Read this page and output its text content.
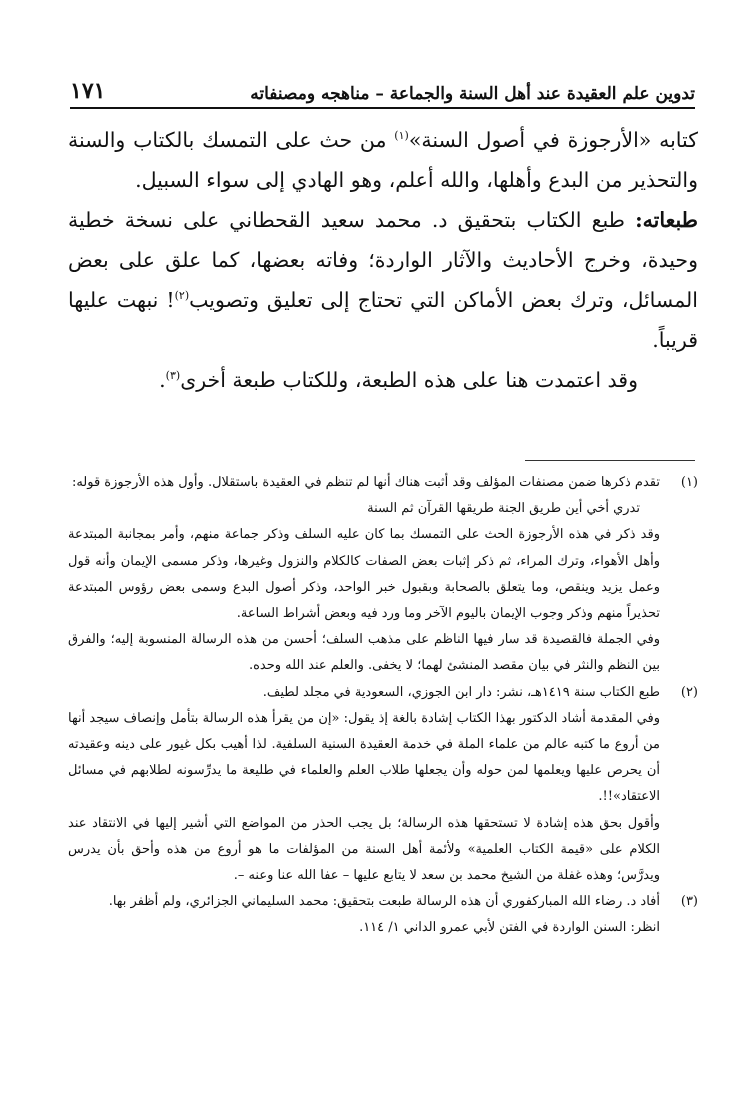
تدوين علم العقيدة عند أهل السنة والجماعة – مناهجه ومصنفاته
١٧١

كتابه «الأرجوزة في أصول السنة»$^{(١)}$ من حث على التمسك بالكتاب والسنة والتحذير من البدع وأهلها، والله أعلم، وهو الهادي إلى سواء السبيل.

طبعاته: طبع الكتاب بتحقيق د. محمد سعيد القحطاني على نسخة خطية وحيدة، وخرج الأحاديث والآثار الواردة؛ وفاته بعضها، كما علق على بعض المسائل، وترك بعض الأماكن التي تحتاج إلى تعليق وتصويب$^{(٢)}$! نبهت عليها قريباً.

وقد اعتمدت هنا على هذه الطبعة، وللكتاب طبعة أخرى$^{(٣)}$.

(١)

تقدم ذكرها ضمن مصنفات المؤلف وقد أثبت هناك أنها لم تنظم في العقيدة باستقلال. وأول هذه الأرجوزة قوله:

تدري أخي أين طريق الجنة طريقها القرآن ثم السنة

وقد ذكر في هذه الأرجوزة الحث على التمسك بما كان عليه السلف وذكر جماعة منهم، وأمر بمجانبة المبتدعة وأهل الأهواء، وترك المراء، ثم ذكر إثبات بعض الصفات كالكلام والنزول وغيرها، وذكر مسمى الإيمان وأنه قول وعمل يزيد وينقص، وما يتعلق بالصحابة وبقبول خبر الواحد، وذكر أصول البدع وسمى بعض رؤوس المبتدعة تحذيراً منهم وذكر وجوب الإيمان باليوم الآخر وما ورد فيه وبعض أشراط الساعة.

وفي الجملة فالقصيدة قد سار فيها الناظم على مذهب السلف؛ أحسن من هذه الرسالة المنسوبة إليه؛ والفرق بين النظم والنثر في بيان مقصد المنشئ لهما؛ لا يخفى. والعلم عند الله وحده.

(٢)

طبع الكتاب سنة ١٤١٩هـ، نشر: دار ابن الجوزي، السعودية في مجلد لطيف.

وفي المقدمة أشاد الدكتور بهذا الكتاب إشادة بالغة إذ يقول: «إن من يقرأ هذه الرسالة بتأمل وإنصاف سيجد أنها من أروع ما كتبه عالم من علماء الملة في خدمة العقيدة السنية السلفية. لذا أهيب بكل غيور على دينه وعقيدته أن يحرص عليها ويعلمها لمن حوله وأن يجعلها طلاب العلم والعلماء في طليعة ما يدرِّسونه لطلابهم في مسائل الاعتقاد»!!.

وأقول بحق هذه إشادة لا تستحقها هذه الرسالة؛ بل يجب الحذر من المواضع التي أشير إليها في الانتقاد عند الكلام على «قيمة الكتاب العلمية» ولأئمة أهل السنة من المؤلفات ما هو أروع من هذه وأحق بأن يدرس ويدرَّس؛ وهذه غفلة من الشيخ محمد بن سعد لا يتابع عليها – عفا الله عنا وعنه –.

(٣)

أفاد د. رضاء الله المباركفوري أن هذه الرسالة طبعت بتحقيق: محمد السليماني الجزائري، ولم أظفر بها.

انظر: السنن الواردة في الفتن لأبي عمرو الداني ١/ ١١٤.
